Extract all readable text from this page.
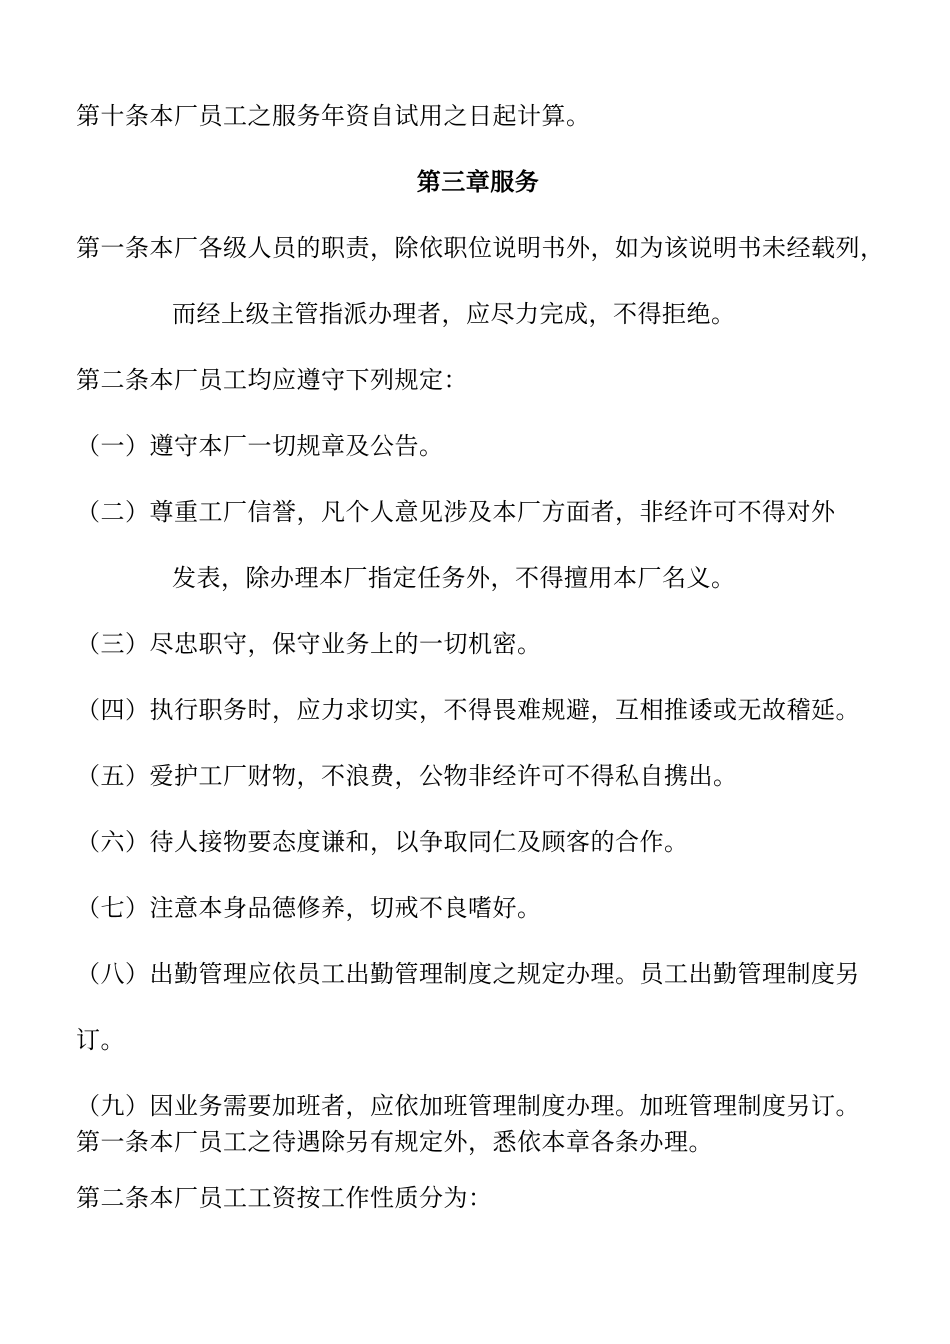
第十条本厂员工之服务年资自试用之日起计算。
第三章服务
第一条本厂各级人员的职责，除依职位说明书外，如为该说明书未经载列，
而经上级主管指派办理者，应尽力完成，不得拒绝。
第二条本厂员工均应遵守下列规定：
（一）遵守本厂一切规章及公告。
（二）尊重工厂信誉，凡个人意见涉及本厂方面者，非经许可不得对外
发表，除办理本厂指定任务外，不得擅用本厂名义。
（三）尽忠职守，保守业务上的一切机密。
（四）执行职务时，应力求切实，不得畏难规避，互相推诿或无故稽延。
（五）爱护工厂财物，不浪费，公物非经许可不得私自携出。
（六）待人接物要态度谦和，以争取同仁及顾客的合作。
（七）注意本身品德修养，切戒不良嗜好。
（八）出勤管理应依员工出勤管理制度之规定办理。员工出勤管理制度另
订。
（九）因业务需要加班者，应依加班管理制度办理。加班管理制度另订。
第一条本厂员工之待遇除另有规定外，悉依本章各条办理。
第二条本厂员工工资按工作性质分为：
